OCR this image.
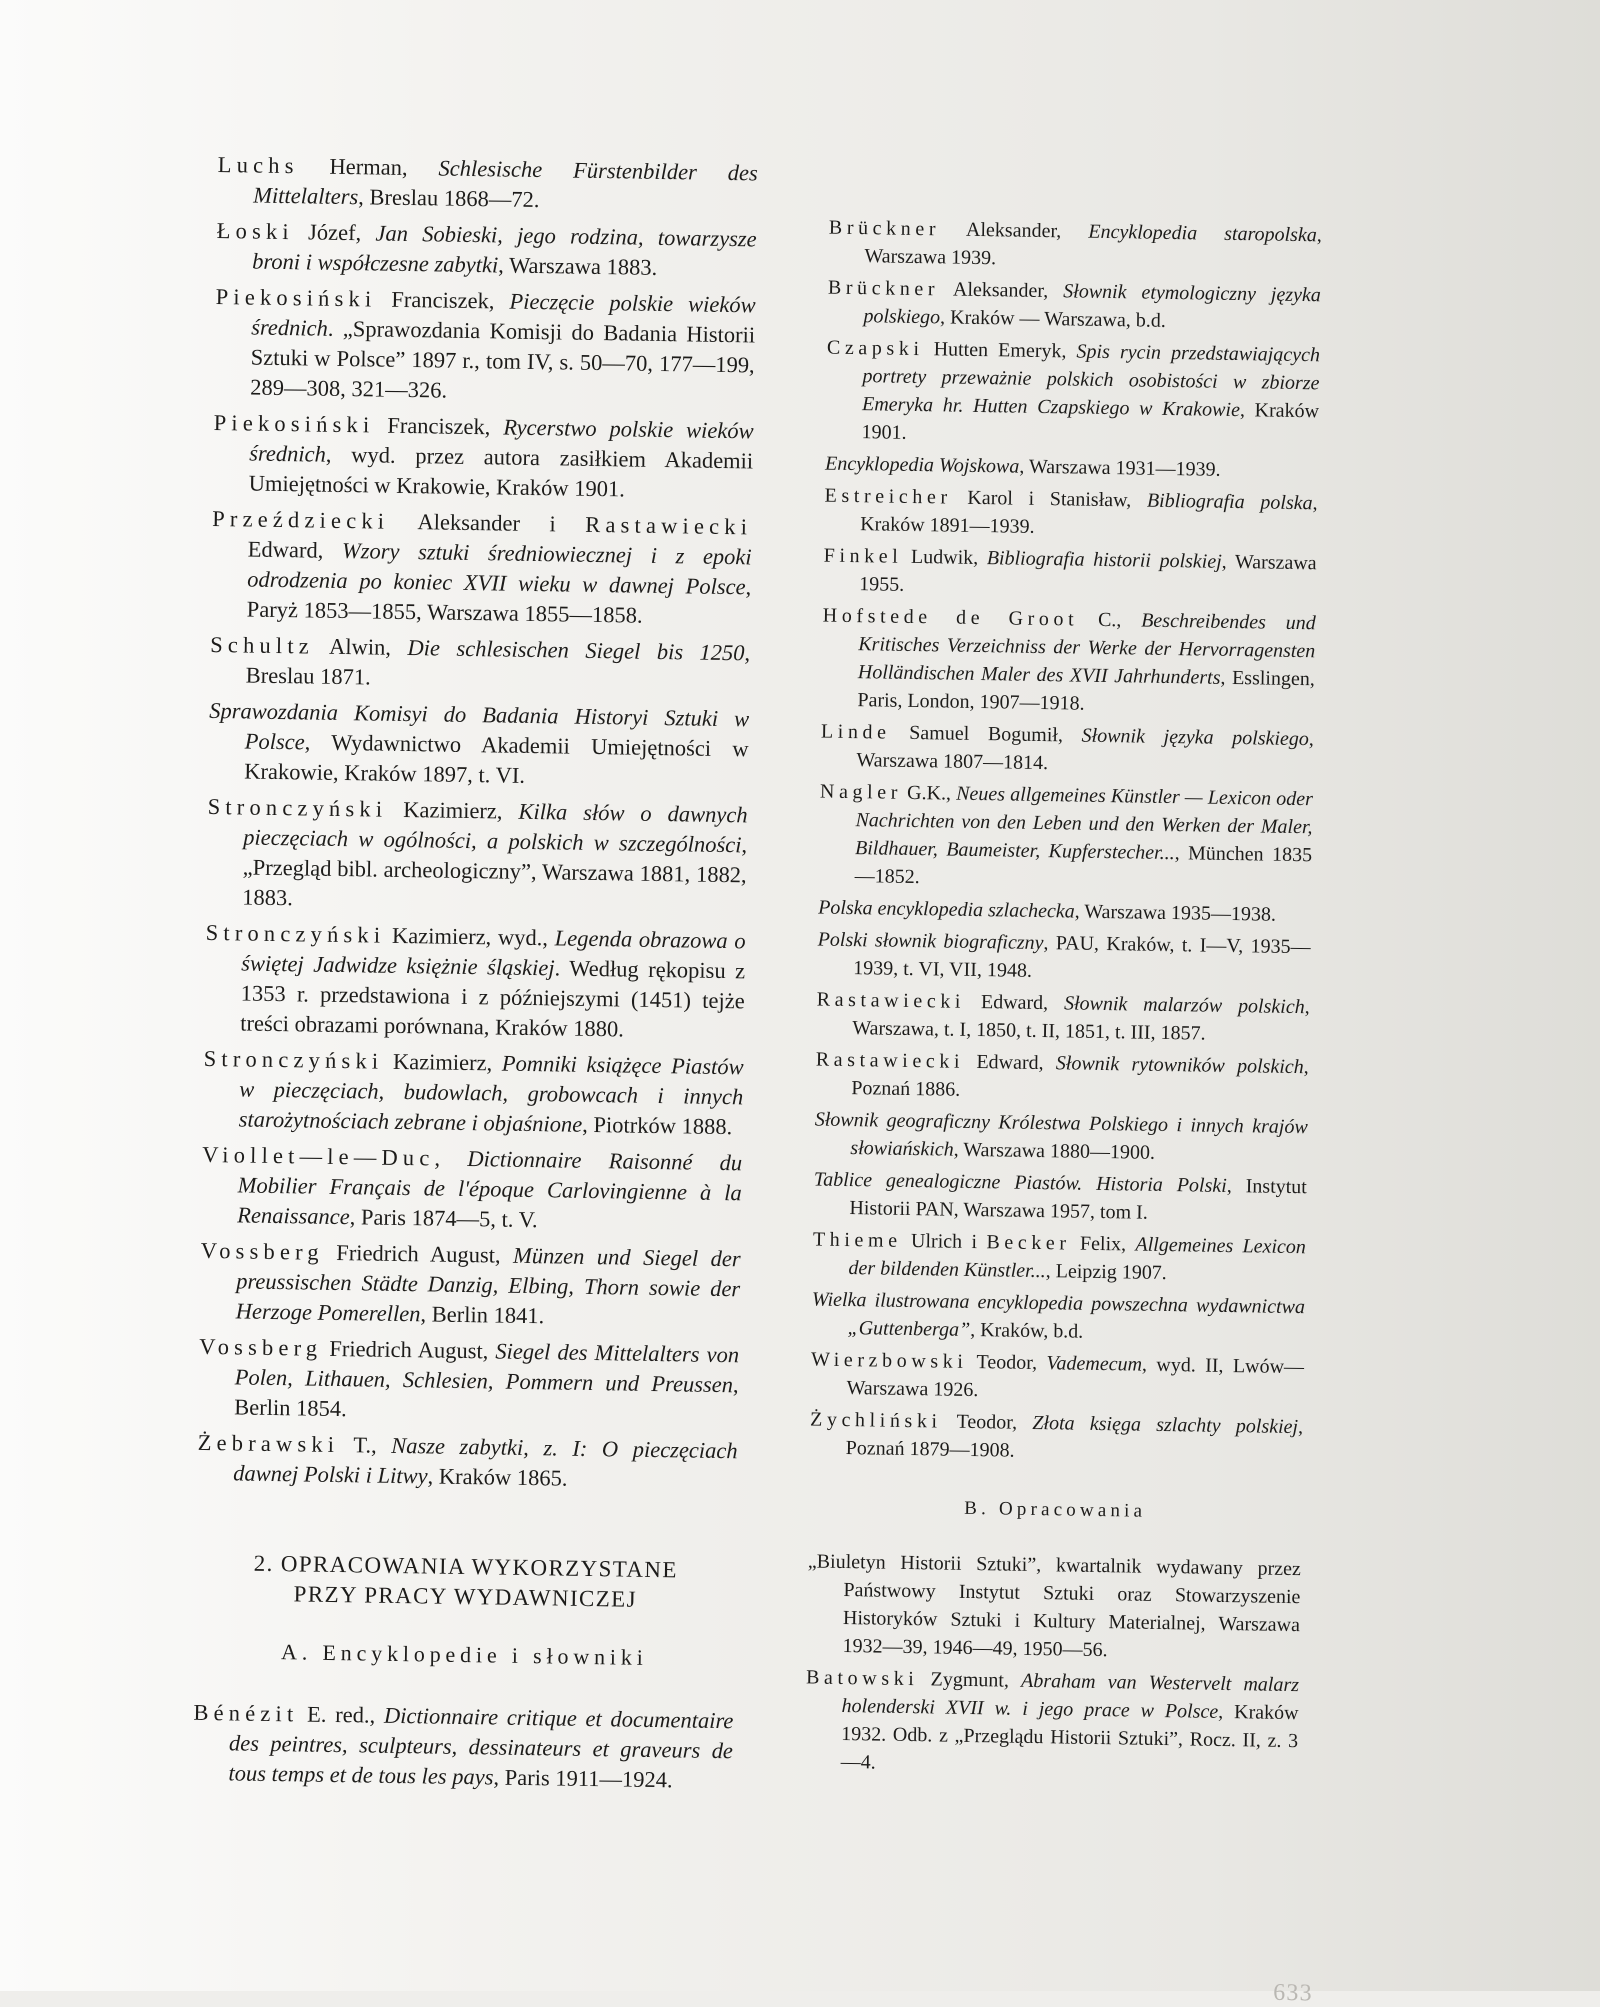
Luchs Herman, Schlesische Fürstenbilder des Mittelalters, Breslau 1868—72.
Łoski Józef, Jan Sobieski, jego rodzina, towarzysze broni i współczesne zabytki, Warszawa 1883.
Piekosiński Franciszek, Pieczęcie polskie wieków średnich. „Sprawozdania Komisji do Badania Historii Sztuki w Polsce” 1897 r., tom IV, s. 50—70, 177—199, 289—308, 321—326.
Piekosiński Franciszek, Rycerstwo polskie wieków średnich, wyd. przez autora zasiłkiem Akademii Umiejętności w Krakowie, Kraków 1901.
Przeździecki Aleksander i Rastawiecki Edward, Wzory sztuki średniowiecznej i z epoki odrodzenia po koniec XVII wieku w dawnej Polsce, Paryż 1853—1855, Warszawa 1855—1858.
Schultz Alwin, Die schlesischen Siegel bis 1250, Breslau 1871.
Sprawozdania Komisyi do Badania Historyi Sztuki w Polsce, Wydawnictwo Akademii Umiejętności w Krakowie, Kraków 1897, t. VI.
Stronczyński Kazimierz, Kilka słów o dawnych pieczęciach w ogólności, a polskich w szczególności, „Przegląd bibl. archeologiczny”, Warszawa 1881, 1882, 1883.
Stronczyński Kazimierz, wyd., Legenda obrazowa o świętej Jadwidze księżnie śląskiej. Według rękopisu z 1353 r. przedstawiona i z późniejszymi (1451) tejże treści obrazami porównana, Kraków 1880.
Stronczyński Kazimierz, Pomniki książęce Piastów w pieczęciach, budowlach, grobowcach i innych starożytnościach zebrane i objaśnione, Piotrków 1888.
Viollet—le—Duc, Dictionnaire Raisonné du Mobilier Français de l'époque Carlovingienne à la Renaissance, Paris 1874—5, t. V.
Vossberg Friedrich August, Münzen und Siegel der preussischen Städte Danzig, Elbing, Thorn sowie der Herzoge Pomerellen, Berlin 1841.
Vossberg Friedrich August, Siegel des Mittelalters von Polen, Lithauen, Schlesien, Pommern und Preussen, Berlin 1854.
Żebrawski T., Nasze zabytki, z. I: O pieczęciach dawnej Polski i Litwy, Kraków 1865.
2. OPRACOWANIA WYKORZYSTANE
PRZY PRACY WYDAWNICZEJ
A. Encyklopedie i słowniki
Bénézit E. red., Dictionnaire critique et documentaire des peintres, sculpteurs, dessinateurs et graveurs de tous temps et de tous les pays, Paris 1911—1924.
Brückner Aleksander, Encyklopedia staropolska, Warszawa 1939.
Brückner Aleksander, Słownik etymologiczny języka polskiego, Kraków — Warszawa, b.d.
Czapski Hutten Emeryk, Spis rycin przedstawiających portrety przeważnie polskich osobistości w zbiorze Emeryka hr. Hutten Czapskiego w Krakowie, Kraków 1901.
Encyklopedia Wojskowa, Warszawa 1931—1939.
Estreicher Karol i Stanisław, Bibliografia polska, Kraków 1891—1939.
Finkel Ludwik, Bibliografia historii polskiej, Warszawa 1955.
Hofstede de Groot C., Beschreibendes und Kritisches Verzeichniss der Werke der Hervorragensten Holländischen Maler des XVII Jahrhunderts, Esslingen, Paris, London, 1907—1918.
Linde Samuel Bogumił, Słownik języka polskiego, Warszawa 1807—1814.
Nagler G.K., Neues allgemeines Künstler — Lexicon oder Nachrichten von den Leben und den Werken der Maler, Bildhauer, Baumeister, Kupferstecher..., München 1835—1852.
Polska encyklopedia szlachecka, Warszawa 1935—1938.
Polski słownik biograficzny, PAU, Kraków, t. I—V, 1935—1939, t. VI, VII, 1948.
Rastawiecki Edward, Słownik malarzów polskich, Warszawa, t. I, 1850, t. II, 1851, t. III, 1857.
Rastawiecki Edward, Słownik rytowników polskich, Poznań 1886.
Słownik geograficzny Królestwa Polskiego i innych krajów słowiańskich, Warszawa 1880—1900.
Tablice genealogiczne Piastów. Historia Polski, Instytut Historii PAN, Warszawa 1957, tom I.
Thieme Ulrich i Becker Felix, Allgemeines Lexicon der bildenden Künstler..., Leipzig 1907.
Wielka ilustrowana encyklopedia powszechna wydawnictwa „Guttenberga”, Kraków, b.d.
Wierzbowski Teodor, Vademecum, wyd. II, Lwów—Warszawa 1926.
Żychliński Teodor, Złota księga szlachty polskiej, Poznań 1879—1908.
B. Opracowania
„Biuletyn Historii Sztuki”, kwartalnik wydawany przez Państwowy Instytut Sztuki oraz Stowarzyszenie Historyków Sztuki i Kultury Materialnej, Warszawa 1932—39, 1946—49, 1950—56.
Batowski Zygmunt, Abraham van Westervelt malarz holenderski XVII w. i jego prace w Polsce, Kraków 1932. Odb. z „Przeglądu Historii Sztuki”, Rocz. II, z. 3—4.
633
